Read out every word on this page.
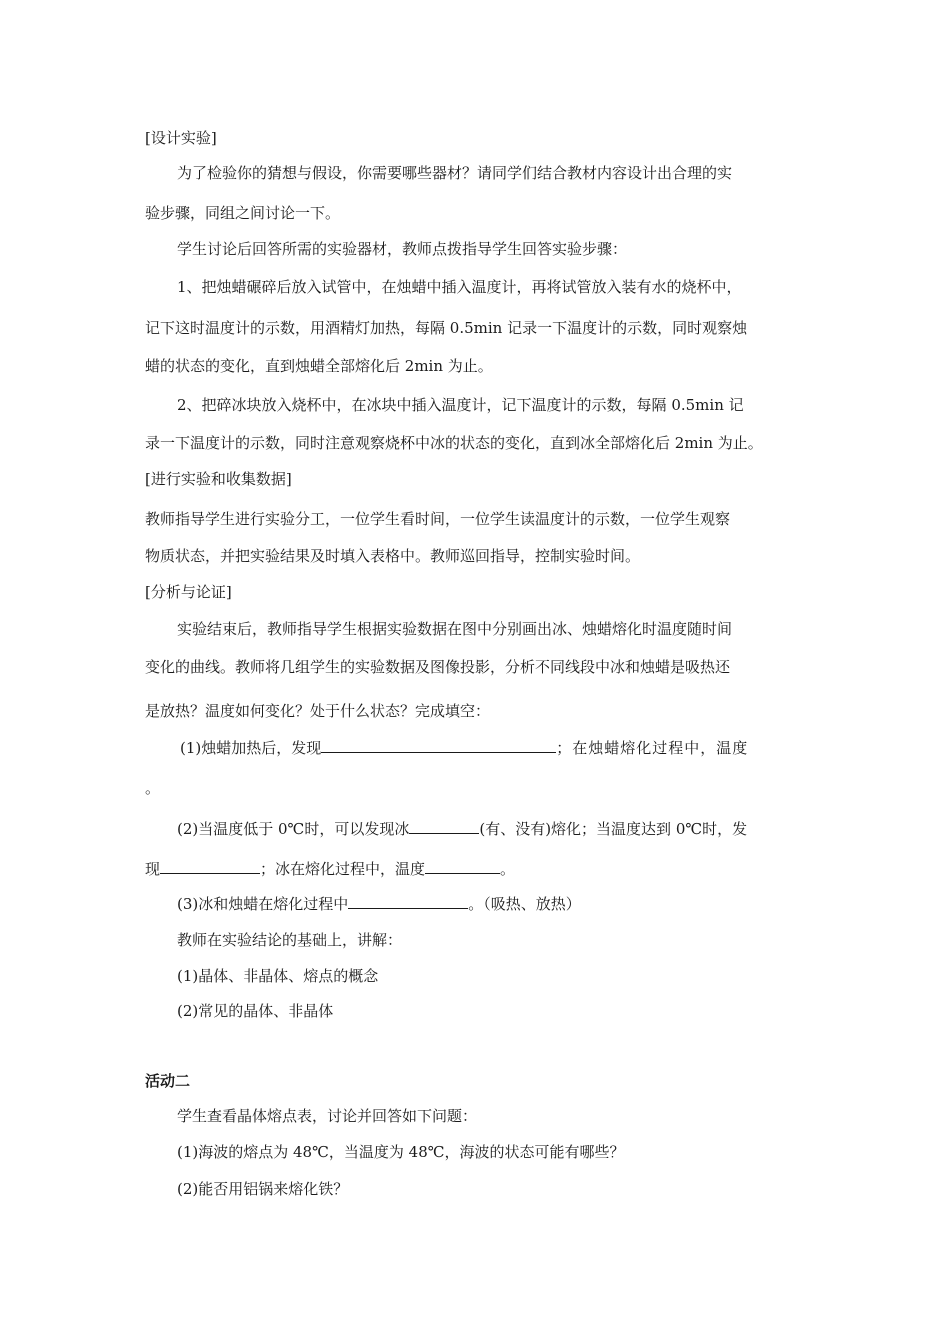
[设计实验]
为了检验你的猜想与假设，你需要哪些器材？请同学们结合教材内容设计出合理的实
验步骤，同组之间讨论一下。
学生讨论后回答所需的实验器材，教师点拨指导学生回答实验步骤：
1、把烛蜡碾碎后放入试管中，在烛蜡中插入温度计，再将试管放入装有水的烧杯中，
记下这时温度计的示数，用酒精灯加热，每隔 0.5min 记录一下温度计的示数，同时观察烛
蜡的状态的变化，直到烛蜡全部熔化后 2min 为止。
2、把碎冰块放入烧杯中，在冰块中插入温度计，记下温度计的示数，每隔 0.5min 记
录一下温度计的示数，同时注意观察烧杯中冰的状态的变化，直到冰全部熔化后 2min 为止。
[进行实验和收集数据]
教师指导学生进行实验分工，一位学生看时间，一位学生读温度计的示数，一位学生观察
物质状态，并把实验结果及时填入表格中。教师巡回指导，控制实验时间。
[分析与论证]
实验结束后，教师指导学生根据实验数据在图中分别画出冰、烛蜡熔化时温度随时间
变化的曲线。教师将几组学生的实验数据及图像投影，分析不同线段中冰和烛蜡是吸热还
是放热？温度如何变化？处于什么状态？完成填空：
(1)烛蜡加热后，发现	；在烛蜡熔化过程中，温度
。
(2)当温度低于 0℃时，可以发现冰	(有、没有)熔化；当温度达到 0℃时，发
现	；冰在熔化过程中，温度	。
(3)冰和烛蜡在熔化过程中	。（吸热、放热）
教师在实验结论的基础上，讲解：
(1)晶体、非晶体、熔点的概念
(2)常见的晶体、非晶体
活动二
学生查看晶体熔点表，讨论并回答如下问题：
(1)海波的熔点为 48℃，当温度为 48℃，海波的状态可能有哪些？
(2)能否用铝锅来熔化铁？
